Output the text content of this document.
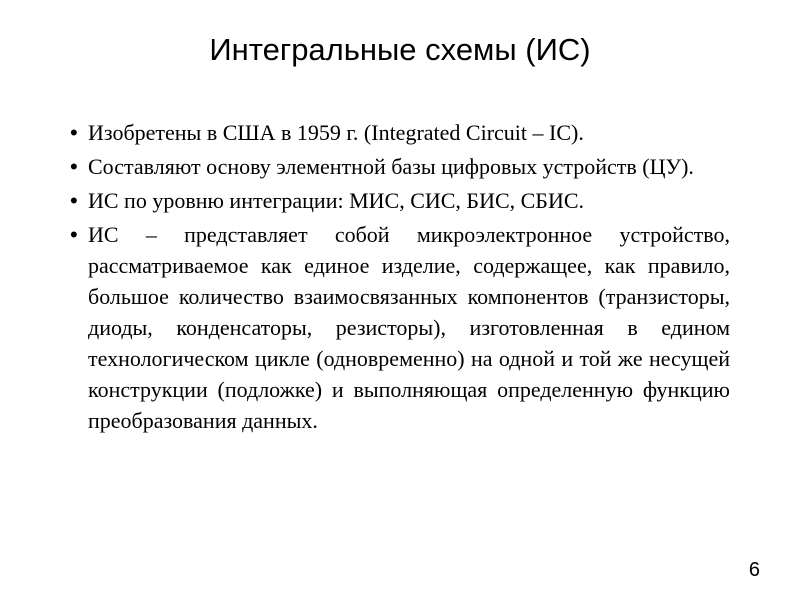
Интегральные схемы (ИС)
• Изобретены в США в 1959 г. (Integrated Circuit – IC).
• Составляют основу элементной базы цифровых устройств (ЦУ).
• ИС по уровню интеграции: МИС, СИС, БИС, СБИС.
• ИС – представляет собой микроэлектронное устройство, рассматриваемое как единое изделие, содержащее, как правило, большое количество взаимосвязанных компонентов (транзисторы, диоды, конденсаторы, резисторы), изготовленная в едином технологическом цикле (одновременно) на одной и той же несущей конструкции (подложке) и выполняющая определенную функцию преобразования данных.
6
